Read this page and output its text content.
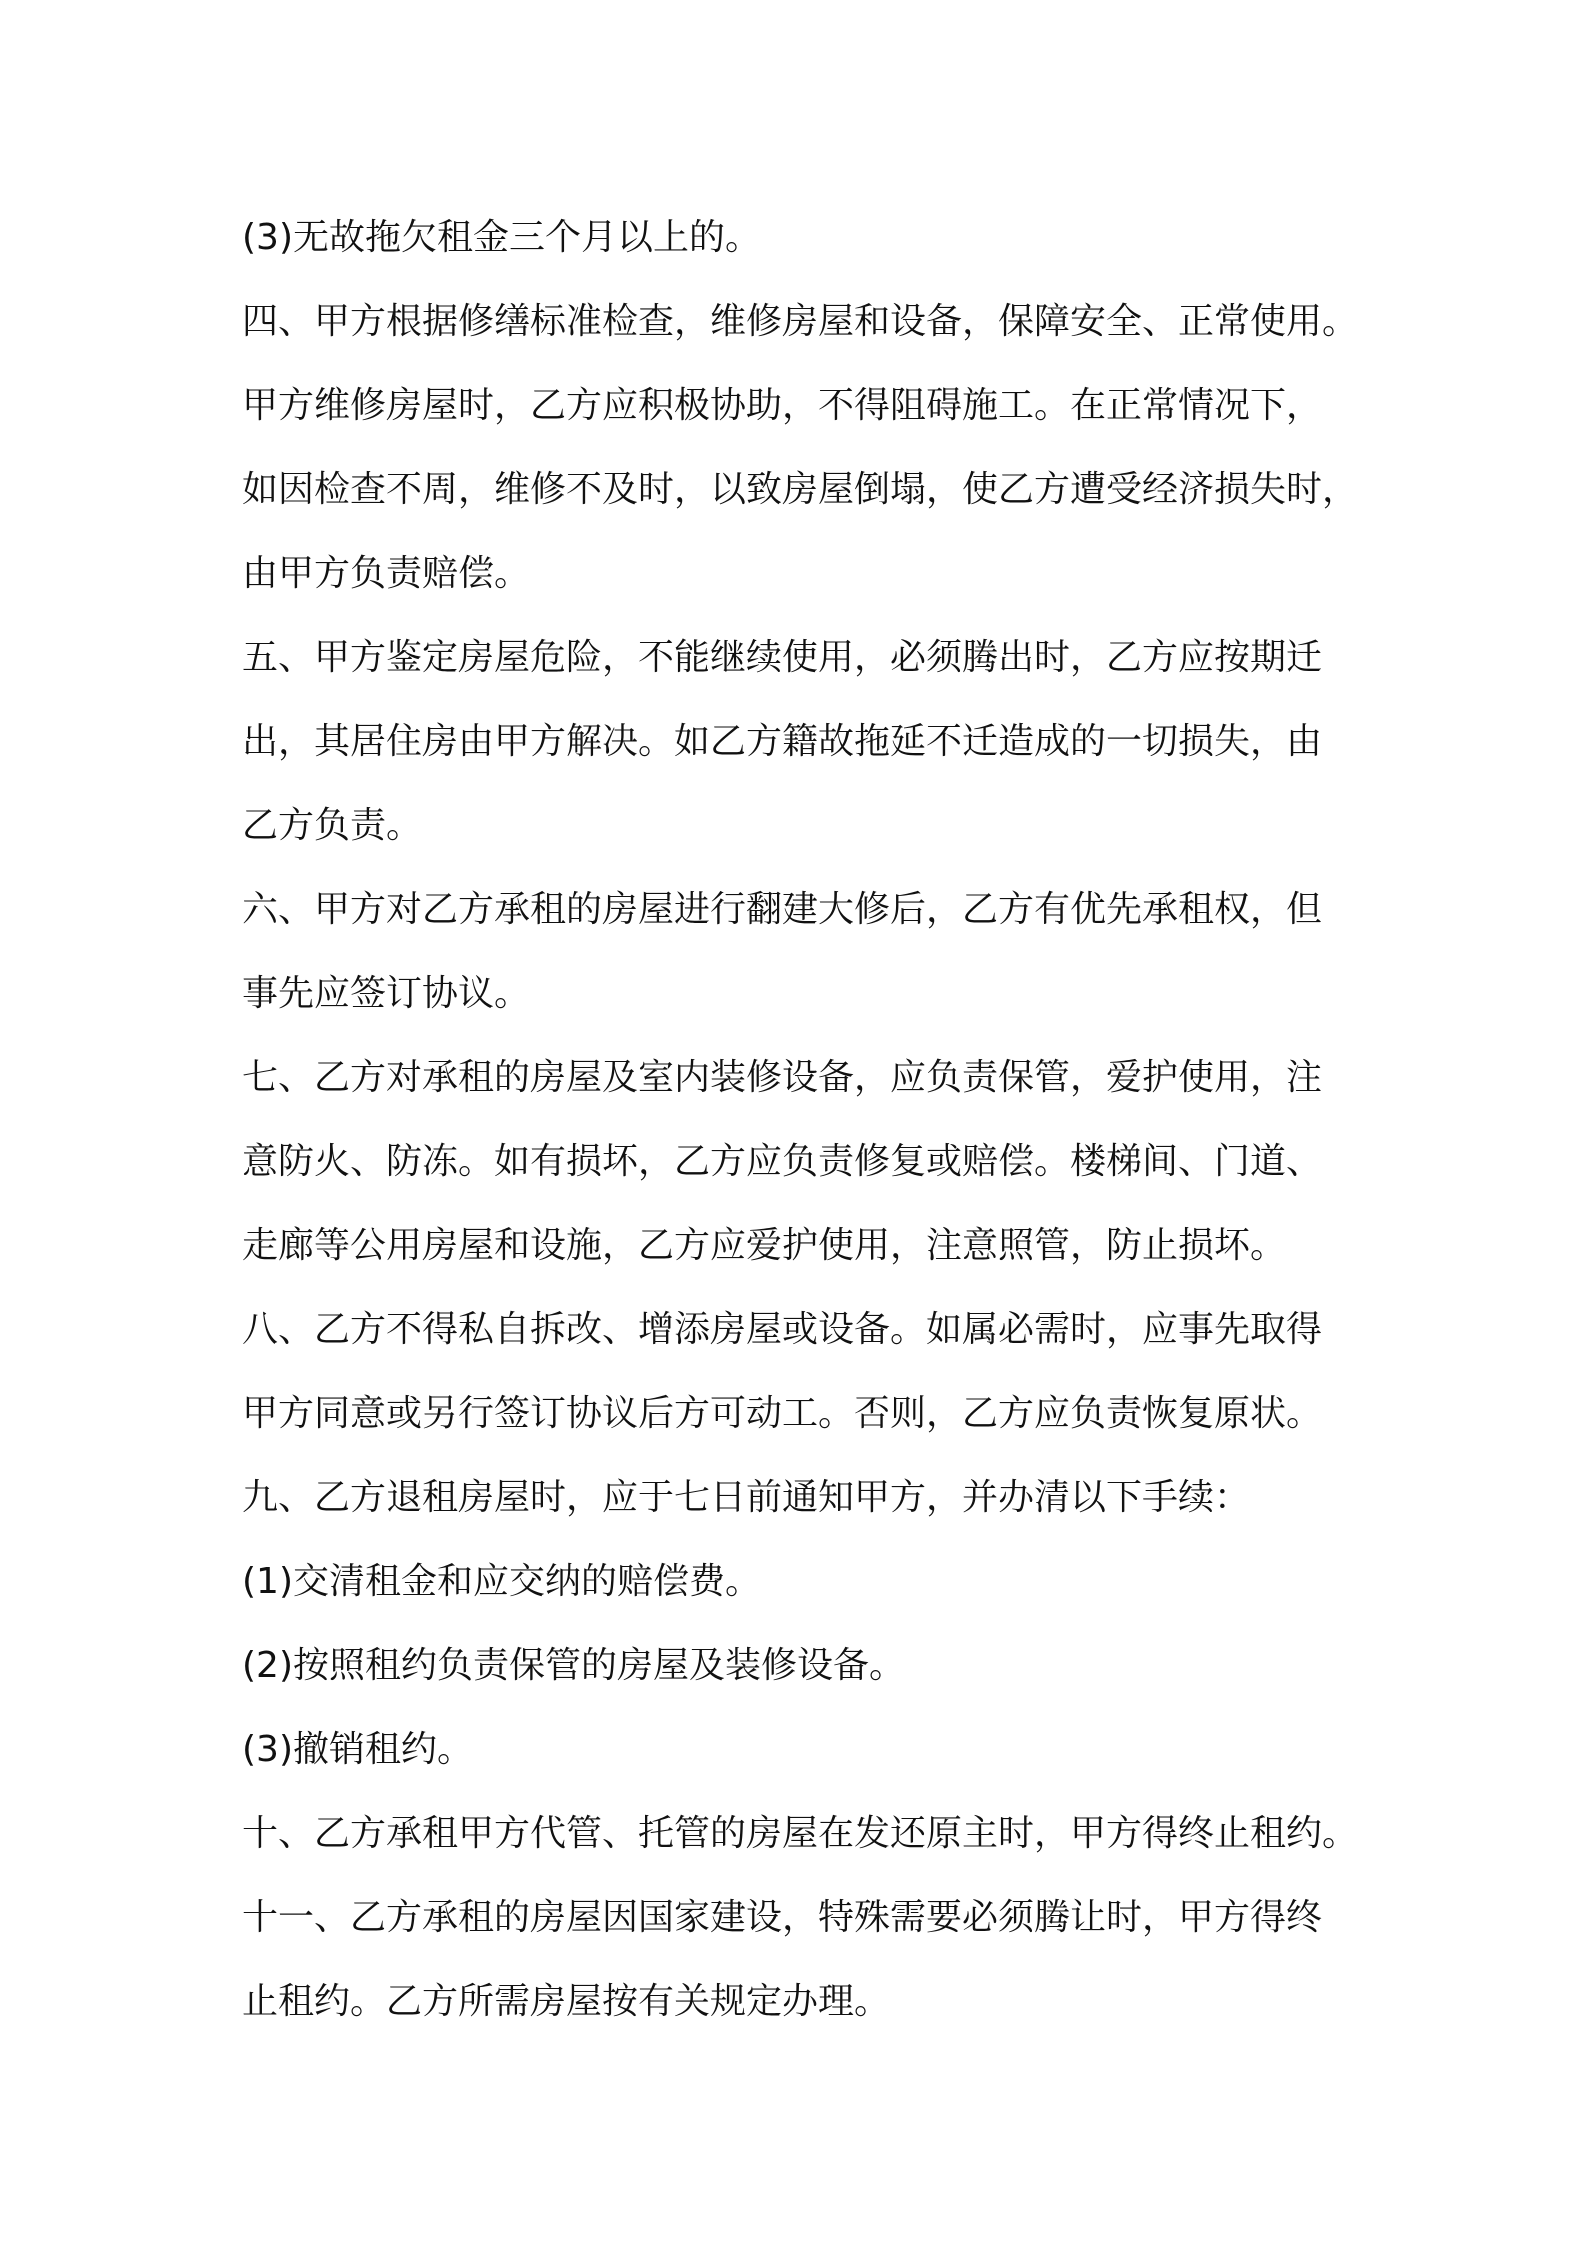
(3)无故拖欠租金三个月以上的。
四、甲方根据修缮标准检查，维修房屋和设备，保障安全、正常使用。
甲方维修房屋时，乙方应积极协助，不得阻碍施工。在正常情况下，
如因检查不周，维修不及时，以致房屋倒塌，使乙方遭受经济损失时，
由甲方负责赔偿。
五、甲方鉴定房屋危险，不能继续使用，必须腾出时，乙方应按期迁
出，其居住房由甲方解决。如乙方籍故拖延不迁造成的一切损失，由
乙方负责。
六、甲方对乙方承租的房屋进行翻建大修后，乙方有优先承租权，但
事先应签订协议。
七、乙方对承租的房屋及室内装修设备，应负责保管，爱护使用，注
意防火、防冻。如有损坏，乙方应负责修复或赔偿。楼梯间、门道、
走廊等公用房屋和设施，乙方应爱护使用，注意照管，防止损坏。
八、乙方不得私自拆改、增添房屋或设备。如属必需时，应事先取得
甲方同意或另行签订协议后方可动工。否则，乙方应负责恢复原状。
九、乙方退租房屋时，应于七日前通知甲方，并办清以下手续：
(1)交清租金和应交纳的赔偿费。
(2)按照租约负责保管的房屋及装修设备。
(3)撤销租约。
十、乙方承租甲方代管、托管的房屋在发还原主时，甲方得终止租约。
十一、乙方承租的房屋因国家建设，特殊需要必须腾让时，甲方得终
止租约。乙方所需房屋按有关规定办理。
